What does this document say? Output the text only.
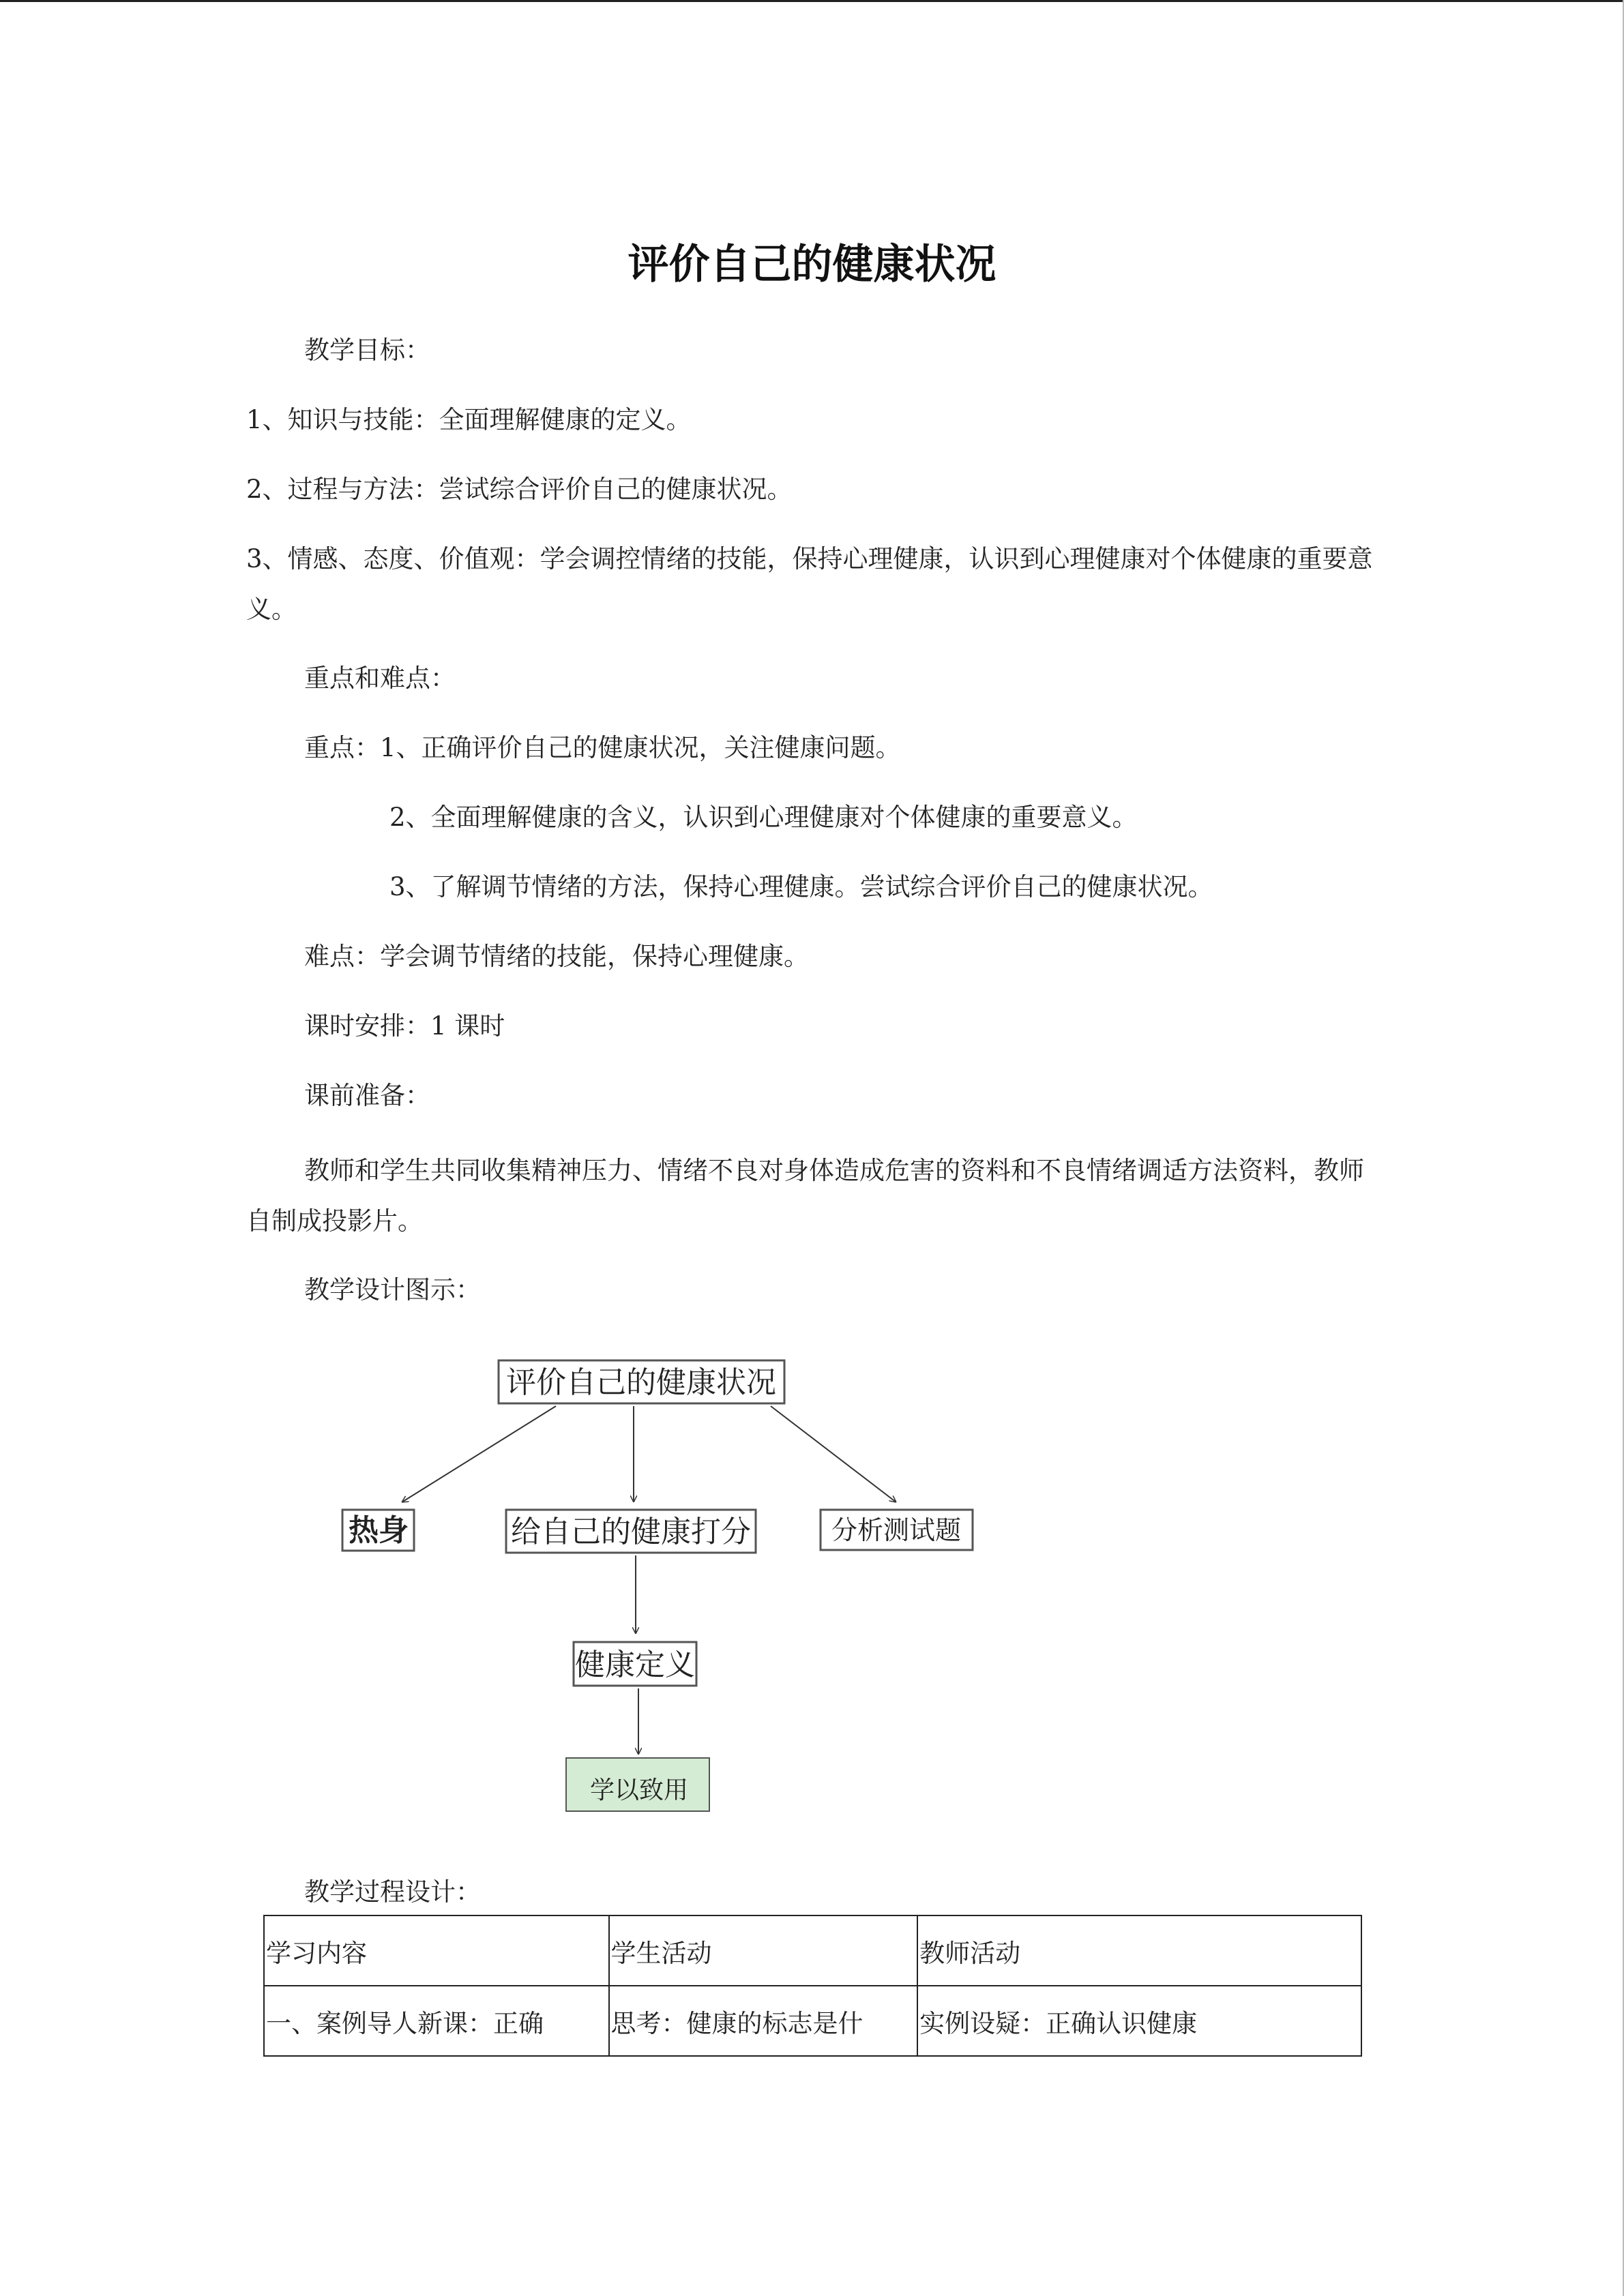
评价自己的健康状况
教学目标：
1、知识与技能：全面理解健康的定义。
2、过程与方法：尝试综合评价自己的健康状况。
3、情感、态度、价值观：学会调控情绪的技能，保持心理健康，认识到心理健康对个体健康的重要意义。
重点和难点：
重点：1、正确评价自己的健康状况，关注健康问题。
2、全面理解健康的含义，认识到心理健康对个体健康的重要意义。
3、了解调节情绪的方法，保持心理健康。尝试综合评价自己的健康状况。
难点：学会调节情绪的技能，保持心理健康。
课时安排：1 课时
课前准备：
教师和学生共同收集精神压力、情绪不良对身体造成危害的资料和不良情绪调适方法资料，教师自制成投影片。
教学设计图示：
评价自己的健康状况
热身	给自己的健康打分	分析测试题
健康定义
学以致用
教学过程设计：
学习内容	学生活动	教师活动
一、案例导人新课：正确	思考：健康的标志是什	实例设疑：正确认识健康
